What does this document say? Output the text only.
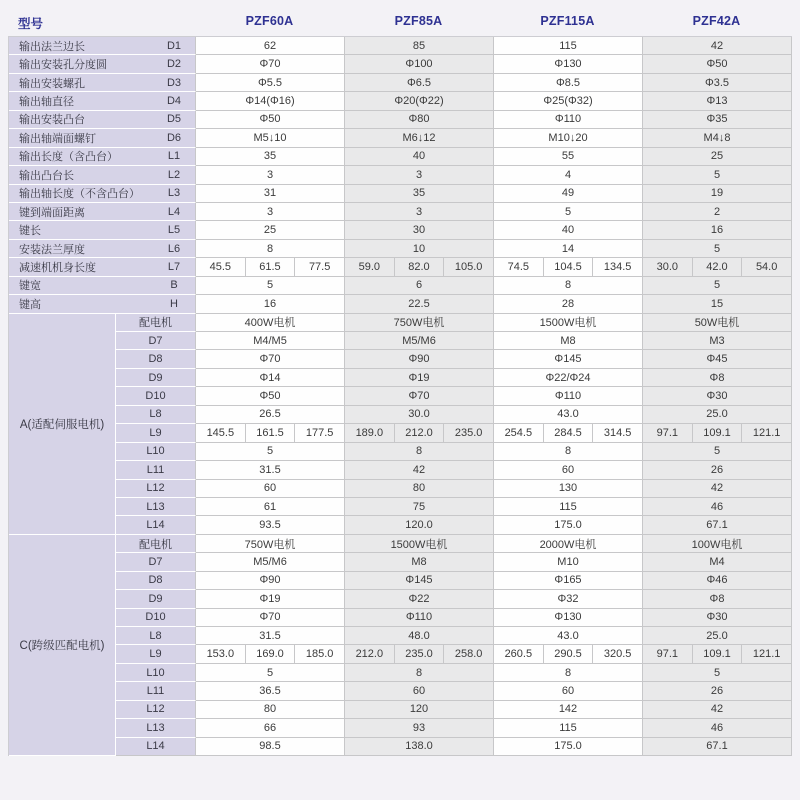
型号	PZF60A	PZF85A	PZF115A	PZF42A
输出法兰边长 D1		62			85			115			42		

输出安装孔分度圆 D2		Φ70			Φ100			Φ130			Φ50		

输出安装螺孔 D3		Φ5.5			Φ6.5			Φ8.5			Φ3.5		

输出轴直径 D4		Φ14(Φ16)			Φ20(Φ22)			Φ25(Φ32)			Φ13		

输出安装凸台 D5		Φ50			Φ80			Φ110			Φ35		

输出轴端面螺钉 D6		M5↓10			M6↓12			M10↓20			M4↓8		

输出长度（含凸台） L1		35			40			55			25		

输出凸台长 L2		3			3			4			5		

输出轴长度（不含凸台） L3		31			35			49			19		

键到端面距离 L4		3			3			5			2		

键长 L5		25			30			40			16		

安装法兰厚度 L6		8			10			14			5		

减速机机身长度 L7		45.5	61.5	77.5	59.0	82.0	105.0	74.5	104.5	134.5	30.0	42.0	54.0

键宽 B		5			6			8			5		

键高 H		16			22.5			28			15		
A(适配伺服电机)	配电机	400W电机			750W电机			1500W电机			50W电机		
	D7	M4/M5			M5/M6			M8			M3		
	D8	Φ70			Φ90			Φ145			Φ45		
	D9	Φ14			Φ19			Φ22/Φ24			Φ8		
	D10	Φ50			Φ70			Φ110			Φ30		
	L8	26.5			30.0			43.0			25.0		
	L9	145.5	161.5	177.5	189.0	212.0	235.0	254.5	284.5	314.5	97.1	109.1	121.1
	L10	5			8			8			5		
	L11	31.5			42			60			26		
	L12	60			80			130			42		
	L13	61			75			115			46		
	L14	93.5			120.0			175.0			67.1		
C(跨级匹配电机)	配电机	750W电机			1500W电机			2000W电机			100W电机		
	D7	M5/M6			M8			M10			M4		
	D8	Φ90			Φ145			Φ165			Φ46		
	D9	Φ19			Φ22			Φ32			Φ8		
	D10	Φ70			Φ110			Φ130			Φ30		
	L8	31.5			48.0			43.0			25.0		
	L9	153.0	169.0	185.0	212.0	235.0	258.0	260.5	290.5	320.5	97.1	109.1	121.1
	L10	5			8			8			5		
	L11	36.5			60			60			26		
	L12	80			120			142			42		
	L13	66			93			115			46		
	L14	98.5			138.0			175.0			67.1		
